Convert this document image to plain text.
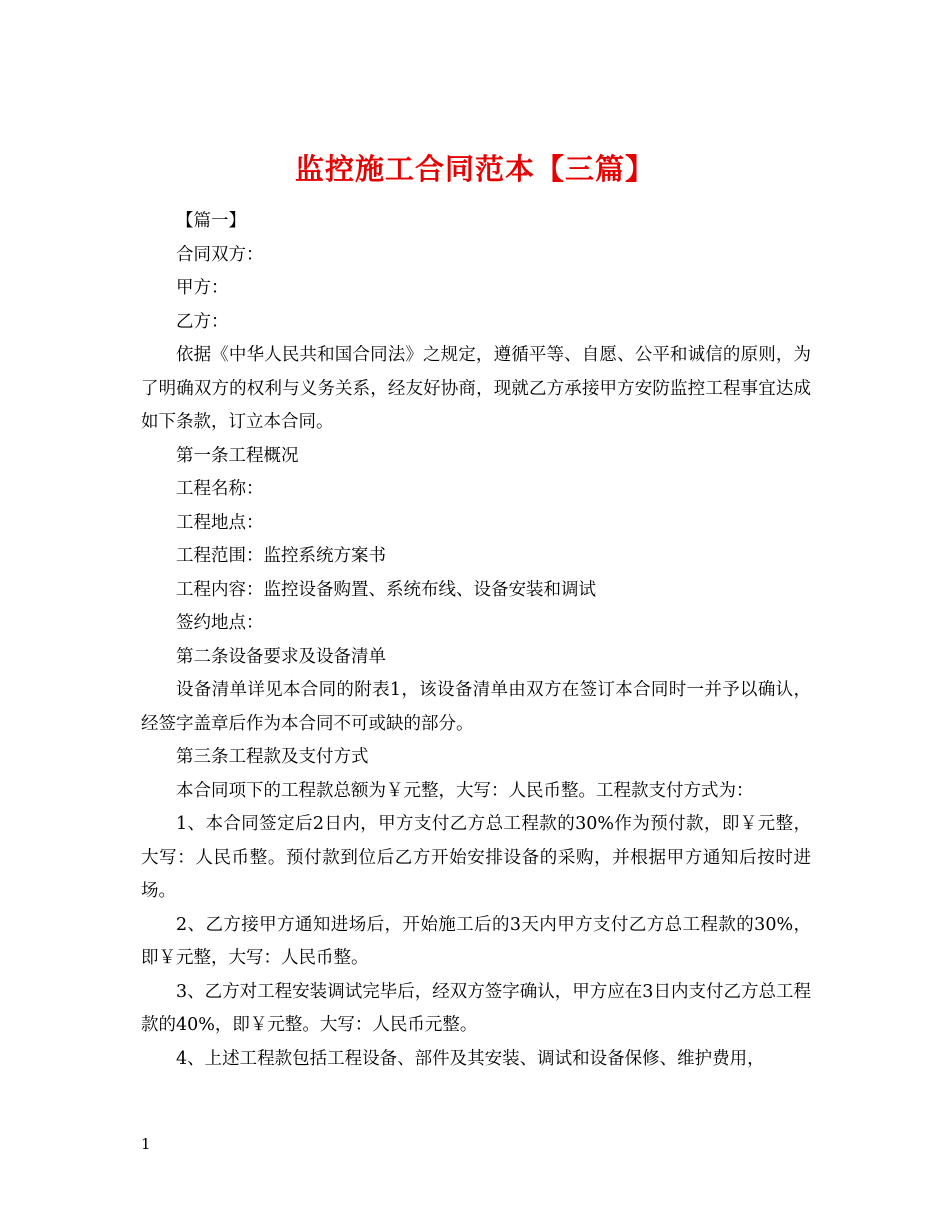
监控施工合同范本【三篇】

【篇一】

合同双方：

甲方：

乙方：

依据《中华人民共和国合同法》之规定，遵循平等、自愿、公平和诚信的原则，为了明确双方的权利与义务关系，经友好协商，现就乙方承接甲方安防监控工程事宜达成如下条款，订立本合同。

第一条工程概况

工程名称：

工程地点：

工程范围：监控系统方案书

工程内容：监控设备购置、系统布线、设备安装和调试

签约地点：

第二条设备要求及设备清单

设备清单详见本合同的附表1，该设备清单由双方在签订本合同时一并予以确认，经签字盖章后作为本合同不可或缺的部分。

第三条工程款及支付方式

本合同项下的工程款总额为￥元整，大写：人民币整。工程款支付方式为：

1、本合同签定后2日内，甲方支付乙方总工程款的30%作为预付款，即￥元整，大写：人民币整。预付款到位后乙方开始安排设备的采购，并根据甲方通知后按时进场。

2、乙方接甲方通知进场后，开始施工后的3天内甲方支付乙方总工程款的30%，即￥元整，大写：人民币整。

3、乙方对工程安装调试完毕后，经双方签字确认，甲方应在3日内支付乙方总工程款的40%，即￥元整。大写：人民币元整。

4、上述工程款包括工程设备、部件及其安装、调试和设备保修、维护费用，

1
